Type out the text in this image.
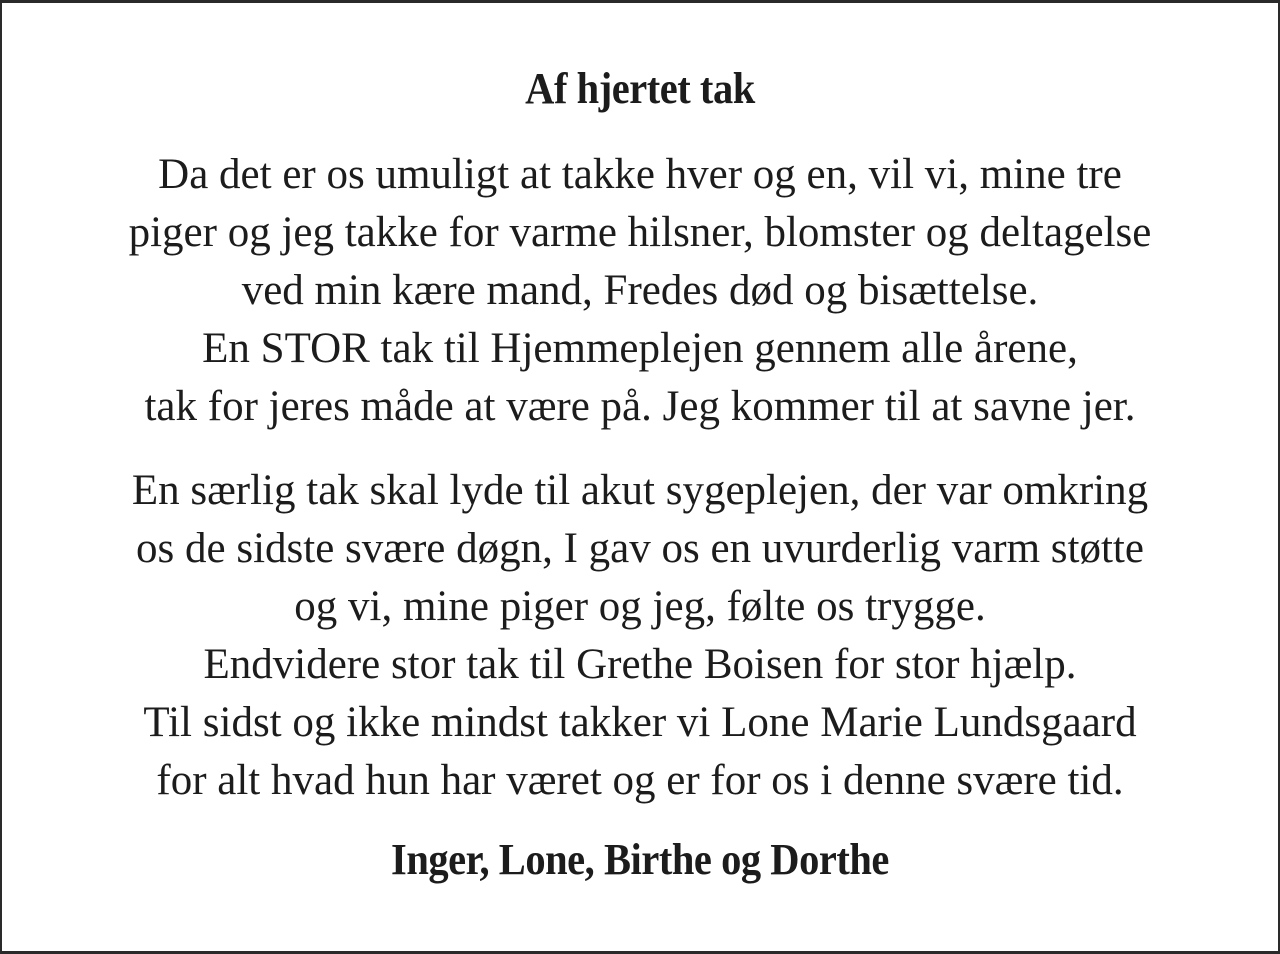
Af hjertet tak
Da det er os umuligt at takke hver og en, vil vi, mine tre
piger og jeg takke for varme hilsner, blomster og deltagelse
ved min kære mand, Fredes død og bisættelse.
En STOR tak til Hjemmeplejen gennem alle årene,
tak for jeres måde at være på. Jeg kommer til at savne jer.
En særlig tak skal lyde til akut sygeplejen, der var omkring
os de sidste svære døgn, I gav os en uvurderlig varm støtte
og vi, mine piger og jeg, følte os trygge.
Endvidere stor tak til Grethe Boisen for stor hjælp.
Til sidst og ikke mindst takker vi Lone Marie Lundsgaard
for alt hvad hun har været og er for os i denne svære tid.
Inger, Lone, Birthe og Dorthe
